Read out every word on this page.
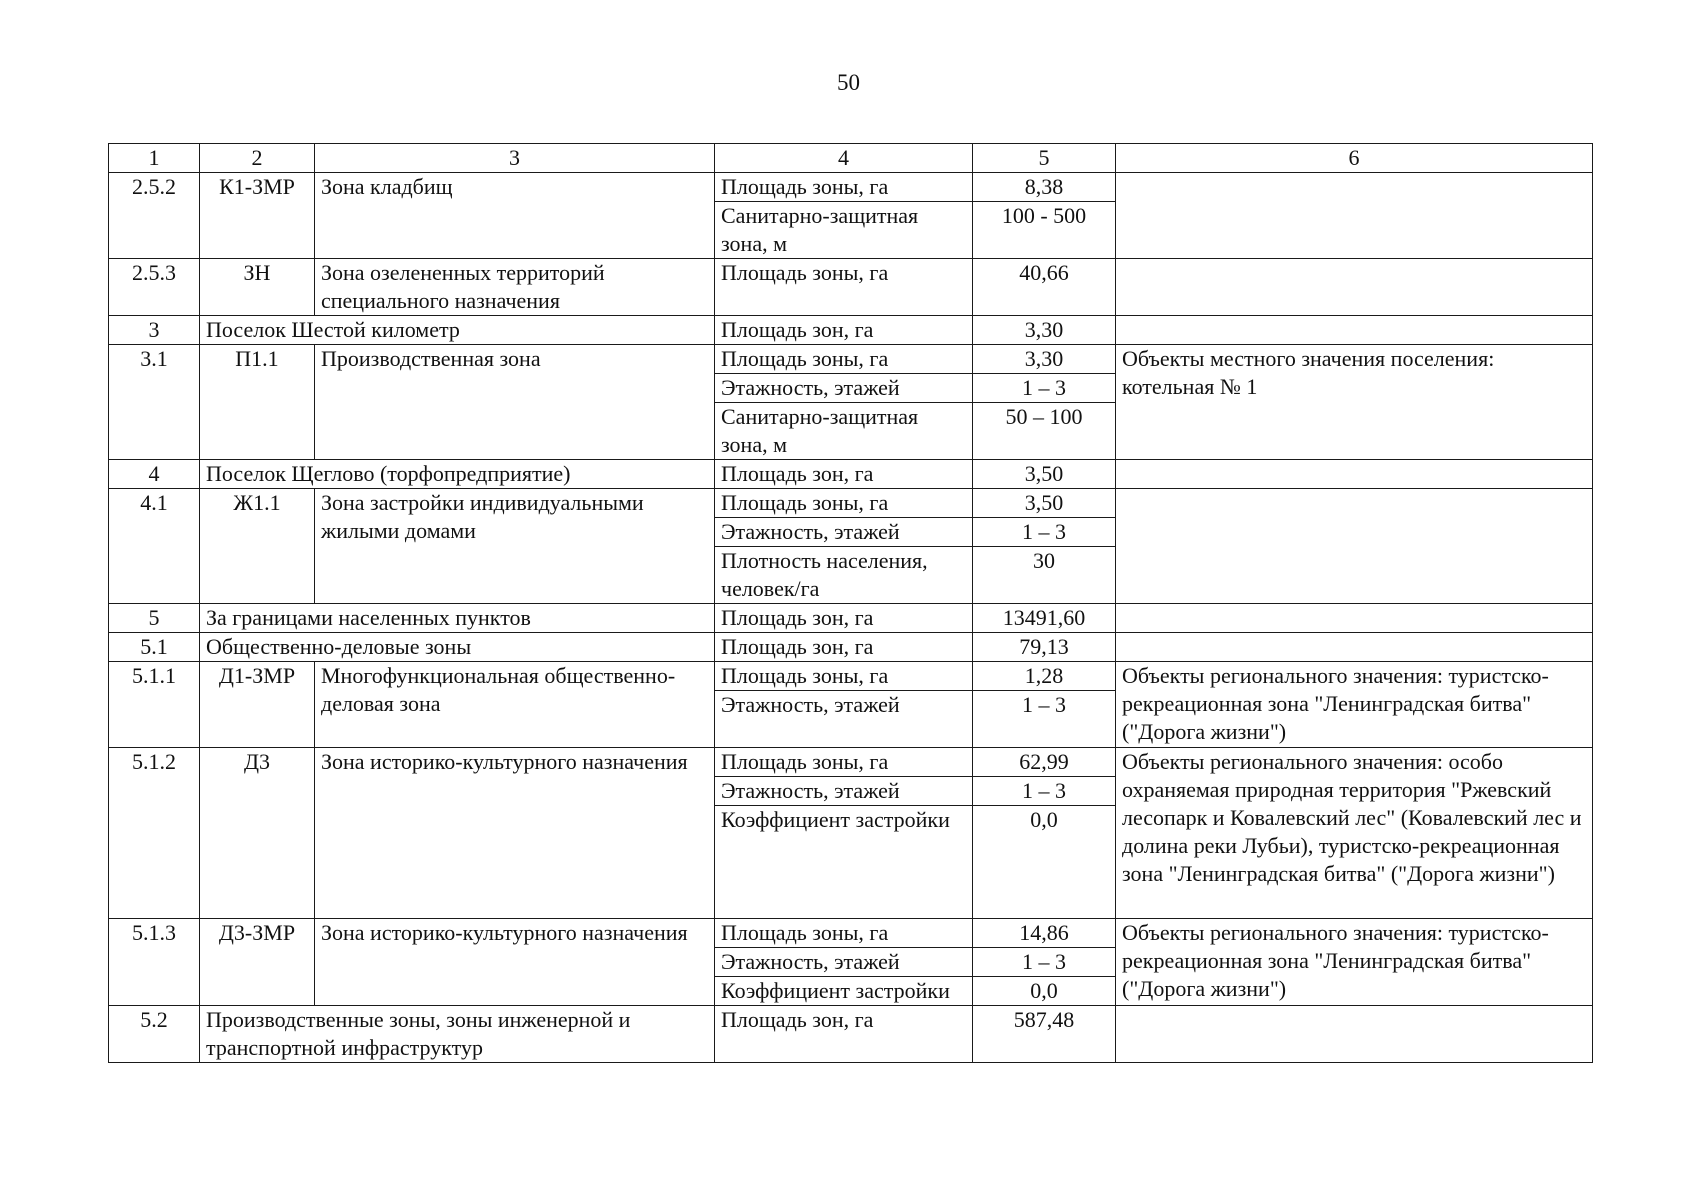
50
1	2	3	4	5	6
2.5.2	К1-ЗМР	Зона кладбищ	Площадь зоны, га	8,38	
			Санитарно-защитная зона, м	100 - 500	
2.5.3	ЗН	Зона озелененных территорий специального назначения	Площадь зоны, га	40,66	
3	Поселок Шестой километр		Площадь зон, га	3,30	
3.1	П1.1	Производственная зона	Площадь зоны, га	3,30	Объекты местного значения поселения: котельная № 1
			Этажность, этажей	1 – 3	
			Санитарно-защитная зона, м	50 – 100	
4	Поселок Щеглово (торфопредприятие)		Площадь зон, га	3,50	
4.1	Ж1.1	Зона застройки индивидуальными жилыми домами	Площадь зоны, га	3,50	
			Этажность, этажей	1 – 3	
			Плотность населения, человек/га	30	
5	За границами населенных пунктов		Площадь зон, га	13491,60	
5.1	Общественно-деловые зоны		Площадь зон, га	79,13	
5.1.1	Д1-ЗМР	Многофункциональная общественно-деловая зона	Площадь зоны, га	1,28	Объекты регионального значения: туристско-рекреационная зона "Ленинградская битва" ("Дорога жизни")
			Этажность, этажей	1 – 3	
5.1.2	Д3	Зона историко-культурного назначения	Площадь зоны, га	62,99	Объекты регионального значения: особо охраняемая природная территория "Ржевский лесопарк и Ковалевский лес" (Ковалевский лес и долина реки Лубьи), туристско-рекреационная зона "Ленинградская битва" ("Дорога жизни")
			Этажность, этажей	1 – 3	
			Коэффициент застройки	0,0	
5.1.3	Д3-ЗМР	Зона историко-культурного назначения	Площадь зоны, га	14,86	Объекты регионального значения: туристско-рекреационная зона "Ленинградская битва" ("Дорога жизни")
			Этажность, этажей	1 – 3	
			Коэффициент застройки	0,0	
5.2	Производственные зоны, зоны инженерной и транспортной инфраструктур		Площадь зон, га	587,48	
